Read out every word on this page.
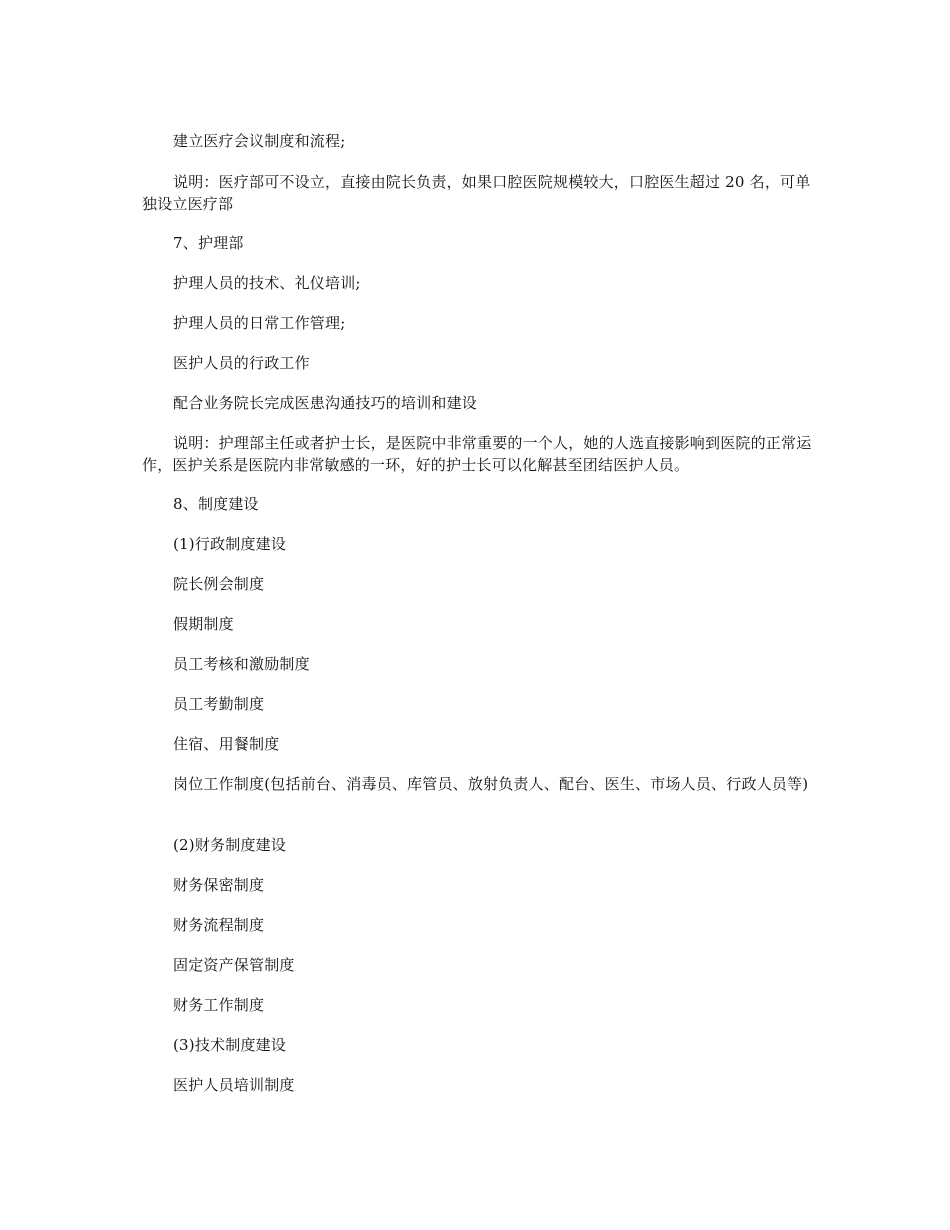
建立医疗会议制度和流程;

说明：医疗部可不设立，直接由院长负责，如果口腔医院规模较大，口腔医生超过 20 名，可单独设立医疗部

7、护理部

护理人员的技术、礼仪培训;

护理人员的日常工作管理;

医护人员的行政工作

配合业务院长完成医患沟通技巧的培训和建设

说明：护理部主任或者护士长，是医院中非常重要的一个人，她的人选直接影响到医院的正常运作，医护关系是医院内非常敏感的一环，好的护士长可以化解甚至团结医护人员。

8、制度建设

(1)行政制度建设

院长例会制度

假期制度

员工考核和激励制度

员工考勤制度

住宿、用餐制度

岗位工作制度(包括前台、消毒员、库管员、放射负责人、配台、医生、市场人员、行政人员等)

(2)财务制度建设

财务保密制度

财务流程制度

固定资产保管制度

财务工作制度

(3)技术制度建设

医护人员培训制度
